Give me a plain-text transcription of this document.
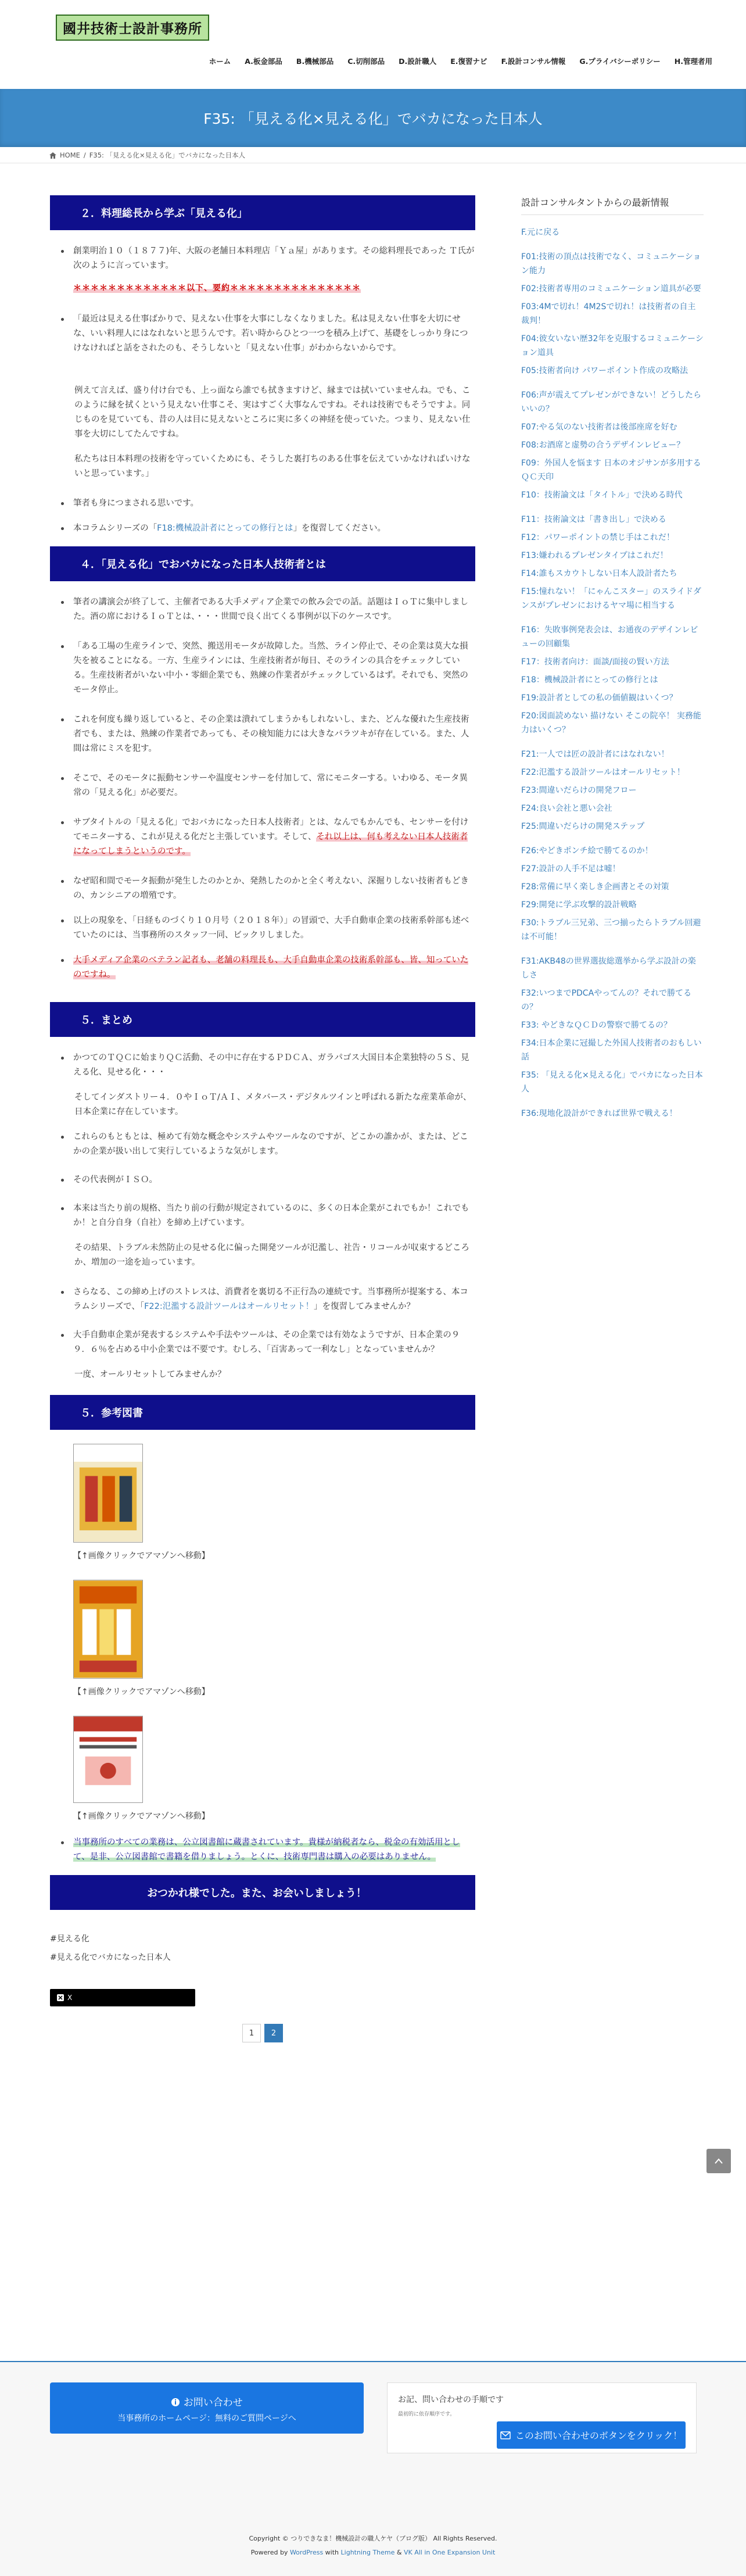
國井技術士設計事務所
ホーム A.板金部品 B.機械部品 C.切削部品 D.設計職人 E.復習ナビ F.設計コンサル情報 G.プライバシーポリシー H.管理者用
F35: 「見える化×見える化」でバカになった日本人
HOME / F35: 「見える化×見える化」でバカになった日本人
２．料理総長から学ぶ「見える化」
創業明治１０（１８７７)年、大阪の老舗日本料理店「Ｙａ屋」があります。その総料理長であった Ｔ氏が次のように言っています。
＊＊＊＊＊＊＊＊＊＊＊＊＊以下、要約＊＊＊＊＊＊＊＊＊＊＊＊＊＊＊
「最近は見える仕事ばかりで、見えない仕事を大事にしなくなりました。私は見えない仕事を大切にせな、いい料理人にはなれないと思うんです。若い時からひとつ一つを積み上げて、基礎をしっかり身につけなければと話をされたのも、そうしないと「見えない仕事」がわからないからです。

例えて言えば、盛り付け台でも、上っ面なら誰でも拭きますけど、縁までは拭いていませんね。でも、このように縁を拭くという見えない仕事こそ、実はすごく大事なんですね。それは技術でもそうですよ。同じものを見ていても、昔の人は目に見えないところに実に多くの神経を使っていた。つまり、見えない仕事を大切にしてたんですね。

私たちは日本料理の技術を守っていくためにも、そうした裏打ちのある仕事を伝えていかなければいけないと思っています。」

筆者も身につまされる思いです。
本コラムシリーズの「F18:機械設計者にとっての修行とは」を復習してください。
４．「見える化」でおバカになった日本人技術者とは
筆者の講演会が終了して、主催者である大手メディア企業での飲み会での話。話題はＩｏＴに集中しました。酒の席におけるＩｏＴとは、・・・世間で良く出てくる事例が以下のケースです。
「ある工場の生産ラインで、突然、搬送用モータが故障した。当然、ライン停止で、その企業は莫大な損失を被ることになる。一方、生産ラインには、生産技術者が毎日、そのラインの具合をチェックしている。生産技術者がいない中小・零細企業でも、熟練の作業者がチェックしているはず。それでも、突然のモータ停止。
これを何度も繰り返していると、その企業は潰れてしまうかもしれないし、また、どんな優れた生産技術者でも、または、熟練の作業者であっても、その検知能力には大きなバラツキが存在している。また、人間は常にミスを犯す。
そこで、そのモータに振動センサーや温度センサーを付加して、常にモニターする。いわゆる、モータ異常の「見える化」が必要だ。
サブタイトルの「見える化」でおバカになった日本人技術者」とは、なんでもかんでも、センサーを付けてモニターする、これが見える化だと主張しています。そして、それ以上は、何も考えない日本人技術者になってしまうというのです。
なぜ昭和間でモータ振動が発生したのかとか、発熱したのかと全く考えない、深掘りしない技術者もどきの、カンシニアの増殖です。
以上の現象を、「日経ものづくり１０月号（２０１８年）」の冒頭で、大手自動車企業の技術系幹部も述べていたのには、当事務所のスタッフ一同、ビックリしました。
大手メディア企業のベテラン記者も、老舗の料理長も、大手自動車企業の技術系幹部も、皆、知っていたのですね。
５．まとめ
かつてのＴＱＣに始まりＱＣ活動、その中に存在するＰＤＣＡ、ガラパゴス大国日本企業独特の５Ｓ、見える化、見せる化・・・

そしてインダストリー４．０やＩｏＴ/ＡＩ、メタバース・デジタルツインと呼ばれる新たな産業革命が、日本企業に存在しています。

これらのもともとは、極めて有効な概念やシステムやツールなのですが、どこかの誰かが、または、どこかの企業が扱い出して実行しているような気がします。
その代表例がＩＳＯ。
本来は当たり前の規格、当たり前の行動が規定されているのに、多くの日本企業がこれでもか！これでもか！と自分自身（自社）を締め上げています。

その結果、トラブル未然防止の見せる化に偏った開発ツールが氾濫し、社告・リコールが収束するどころか、増加の一途を辿っています。

さらなる、この締め上げのストレスは、消費者を裏切る不正行為の連続です。当事務所が提案する、本コラムシリーズで、「F22:氾濫する設計ツールはオールリセット！」を復習してみませんか？
大手自動車企業が発表するシステムや手法やツールは、その企業では有効なようですが、日本企業の９９．６％を占める中小企業では不要です。むしろ、「百害あって一利なし」となっていませんか？

一度、オールリセットしてみませんか？

５．参考図書
【↑画像クリックでアマゾンへ移動】
【↑画像クリックでアマゾンへ移動】
【↑画像クリックでアマゾンへ移動】
当事務所のすべての業務は、公立図書館に蔵書されています。貴様が納税者なら、税金の有効活用として、是非、公立図書館で書籍を借りましょう。とくに、技術専門書は購入の必要はありません。
おつかれ様でした。また、お会いしましょう！
#見える化
#見える化でバカになった日本人
X
1	2
設計コンサルタントからの最新情報
F.元に戻る
F01:技術の頂点は技術でなく、コミュニケーション能力
F02:技術者専用のコミュニケーション道具が必要
F03:4Mで切れ！4M2Sで切れ！は技術者の自主裁判！
F04:彼女いない歴32年を克服するコミュニケーション道具
F05:技術者向け パワーポイント作成の攻略法
F06:声が震えてプレゼンができない！どうしたらいいの？
F07:やる気のない技術者は後部座席を好む
F08:お酒席と虚勢の合うデザインレビュー？
F09：外国人を悩ます 日本のオジサンが多用するＱＣ天印
F10：技術論文は「タイトル」で決める時代
F11：技術論文は「書き出し」で決める
F12：パワーポイントの禁じ手はこれだ！
F13:嫌われるプレゼンタイプはこれだ！
F14:誰もスカウトしない日本人設計者たち
F15:憧れない！「にゃんこスター」のスライドダンスがプレゼンにおけるヤマ場に相当する
F16：失敗事例発表会は、お通夜のデザインレビューの回顧集
F17：技術者向け：面談/面接の賢い方法
F18：機械設計者にとっての修行とは
F19:設計者としての私の価値観はいくつ？
F20:図面読めない 描けない そこの院卒！ 実務能力はいくつ？
F21:一人では匠の設計者にはなれない！
F22:氾濫する設計ツールはオールリセット！
F23:間違いだらけの開発フロー
F24:良い会社と悪い会社
F25:間違いだらけの開発ステップ
F26:やどきポンチ絵で勝てるのか！
F27:設計の人手不足は嘘！
F28:常備に早く楽しき企画書とその対策
F29:開発に学ぶ攻撃的設計戦略
F30:トラブル三兄弟、三つ揃ったらトラブル回避は不可能！
F31:AKB48の世界選抜総選挙から学ぶ設計の楽しさ
F32:いつまでPDCAやってんの？それで勝てるの？
F33: やどきなＱＣＤの警察で勝てるの？
F34:日本企業に冠撮した外国人技術者のおもしい話
F35: 「見える化×見える化」でバカになった日本人
F36:現地化設計ができれば世界で戦える！
お問い合わせ
当事務所のホームページ：無料のご質問ページへ
お記、問い合わせの手順です
最初的に依存順序です。
このお問い合わせのボタンをクリック！
Copyright © つりできなま！機械設計の職人ケヤ（ブログ版） All Rights Reserved.
Powered by WordPress with Lightning Theme & VK All in One Expansion Unit
